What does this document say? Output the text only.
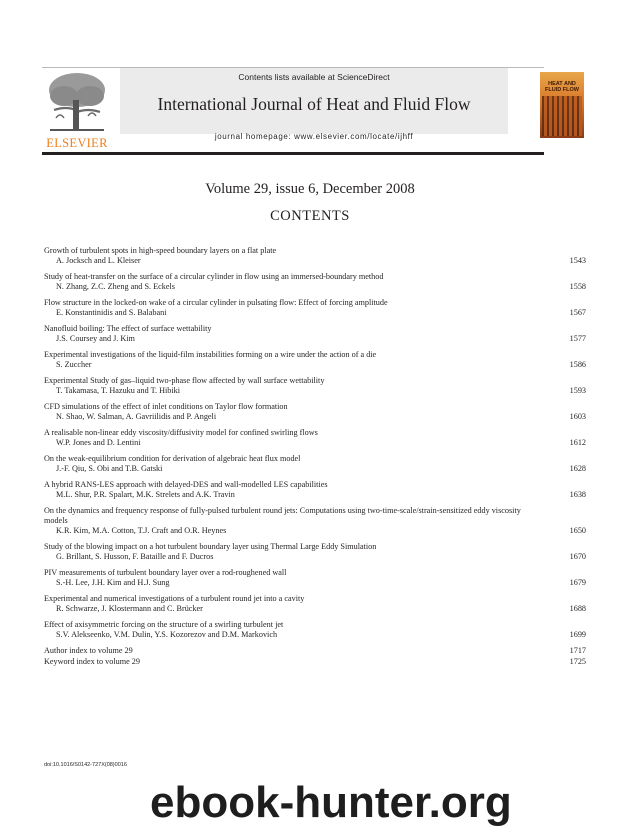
ELSEVIER
Contents lists available at ScienceDirect
International Journal of Heat and Fluid Flow
journal homepage: www.elsevier.com/locate/ijhff
HEAT AND FLUID FLOW
Volume 29, issue 6, December 2008
CONTENTS
Growth of turbulent spots in high-speed boundary layers on a flat plate
A. Jocksch and L. Kleiser	1543
Study of heat-transfer on the surface of a circular cylinder in flow using an immersed-boundary method
N. Zhang, Z.C. Zheng and S. Eckels	1558
Flow structure in the locked-on wake of a circular cylinder in pulsating flow: Effect of forcing amplitude
E. Konstantinidis and S. Balabani	1567
Nanofluid boiling: The effect of surface wettability
J.S. Coursey and J. Kim	1577
Experimental investigations of the liquid-film instabilities forming on a wire under the action of a die
S. Zuccher	1586
Experimental Study of gas–liquid two-phase flow affected by wall surface wettability
T. Takamasa, T. Hazuku and T. Hibiki	1593
CFD simulations of the effect of inlet conditions on Taylor flow formation
N. Shao, W. Salman, A. Gavriilidis and P. Angeli	1603
A realisable non-linear eddy viscosity/diffusivity model for confined swirling flows
W.P. Jones and D. Lentini	1612
On the weak-equilibrium condition for derivation of algebraic heat flux model
J.-F. Qiu, S. Obi and T.B. Gatski	1628
A hybrid RANS-LES approach with delayed-DES and wall-modelled LES capabilities
M.L. Shur, P.R. Spalart, M.K. Strelets and A.K. Travin	1638
On the dynamics and frequency response of fully-pulsed turbulent round jets: Computations using two-time-scale/strain-sensitized eddy viscosity models
K.R. Kim, M.A. Cotton, T.J. Craft and O.R. Heynes	1650
Study of the blowing impact on a hot turbulent boundary layer using Thermal Large Eddy Simulation
G. Brillant, S. Husson, F. Bataille and F. Ducros	1670
PIV measurements of turbulent boundary layer over a rod-roughened wall
S.-H. Lee, J.H. Kim and H.J. Sung	1679
Experimental and numerical investigations of a turbulent round jet into a cavity
R. Schwarze, J. Klostermann and C. Brücker	1688
Effect of axisymmetric forcing on the structure of a swirling turbulent jet
S.V. Alekseenko, V.M. Dulin, Y.S. Kozorezov and D.M. Markovich	1699
Author index to volume 29	1717
Keyword index to volume 29	1725
doi:10.1016/S0142-727X(08)0016
ebook-hunter.org
